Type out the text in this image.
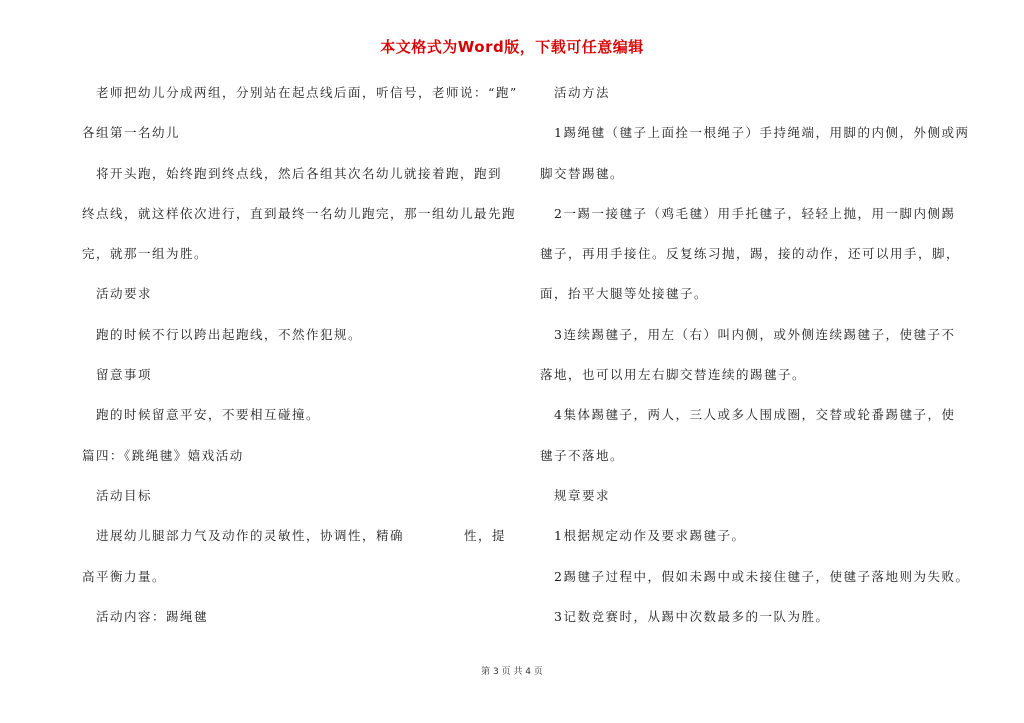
本文格式为Word版，下载可任意编辑
老师把幼儿分成两组，分别站在起点线后面，听信号，老师说：“跑”
各组第一名幼儿
将开头跑，始终跑到终点线，然后各组其次名幼儿就接着跑，跑到
终点线，就这样依次进行，直到最终一名幼儿跑完，那一组幼儿最先跑
完，就那一组为胜。
活动要求
跑的时候不行以跨出起跑线，不然作犯规。
留意事项
跑的时候留意平安，不要相互碰撞。
篇四：《跳绳毽》嬉戏活动
活动目标
进展幼儿腿部力气及动作的灵敏性，协调性，精确	性，提
高平衡力量。
活动内容：踢绳毽
活动方法
1踢绳毽（毽子上面拴一根绳子）手持绳端，用脚的内侧，外侧或两
脚交替踢毽。
2一踢一接毽子（鸡毛毽）用手托毽子，轻轻上抛，用一脚内侧踢
毽子，再用手接住。反复练习抛，踢，接的动作，还可以用手，脚，
面，抬平大腿等处接毽子。
3连续踢毽子，用左（右）叫内侧，或外侧连续踢毽子，使毽子不
落地，也可以用左右脚交替连续的踢毽子。
4集体踢毽子，两人，三人或多人围成圈，交替或轮番踢毽子，使
毽子不落地。
规章要求
1根据规定动作及要求踢毽子。
2踢毽子过程中，假如未踢中或未接住毽子，使毽子落地则为失败。
3记数竞赛时，从踢中次数最多的一队为胜。
第 3 页 共 4 页
